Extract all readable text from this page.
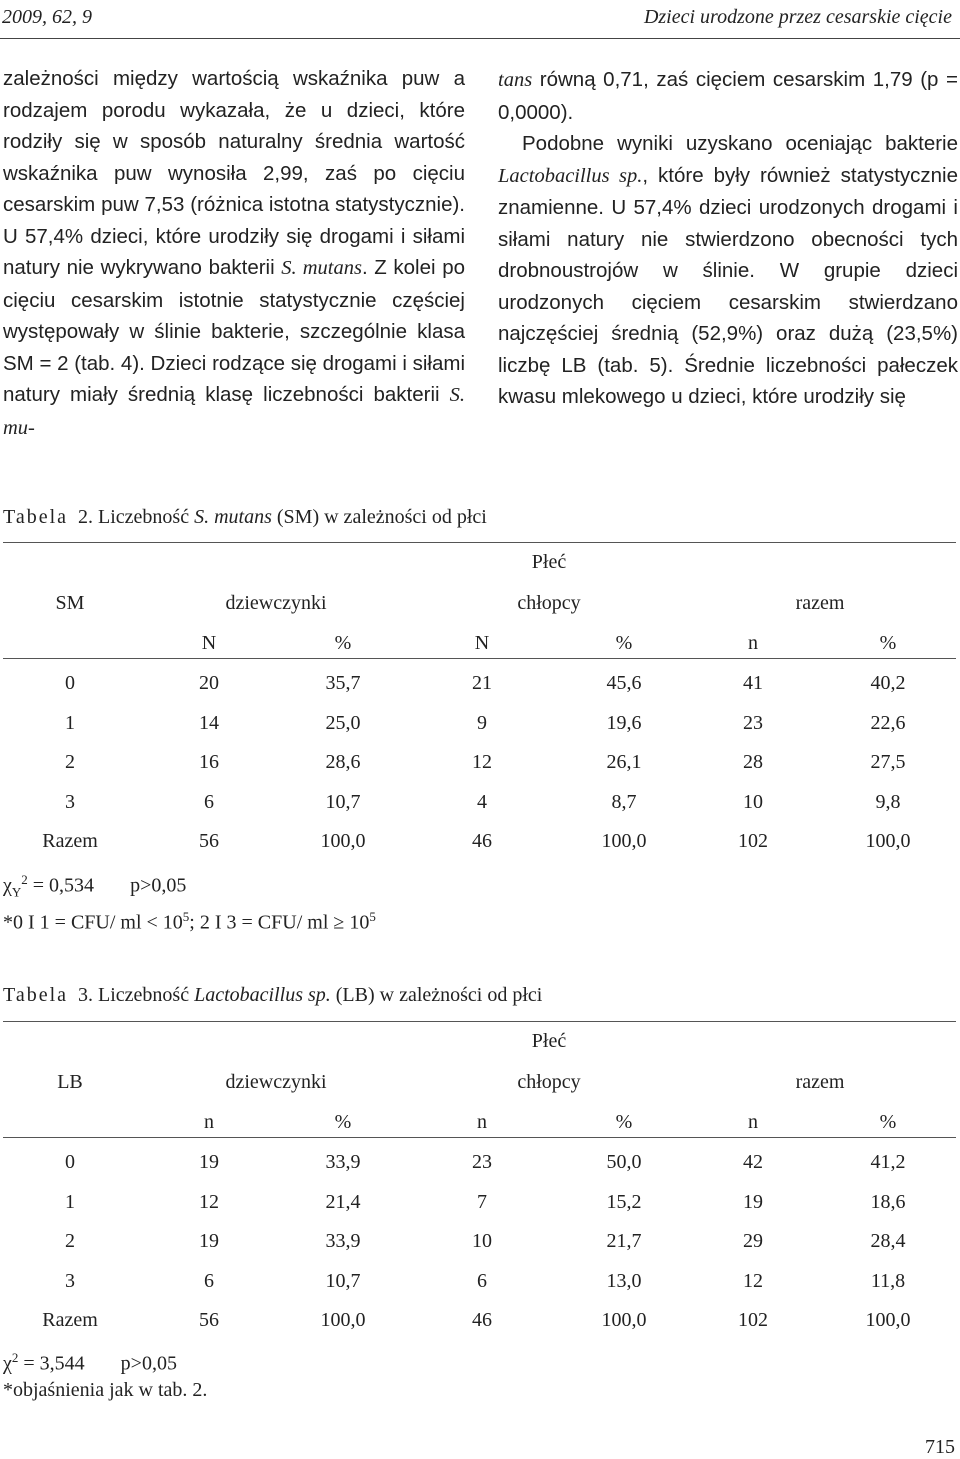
2009, 62, 9	Dzieci urodzone przez cesarskie cięcie

zależności między wartością wskaźnika puw a rodzajem porodu wykazała, że u dzieci, które rodziły się w sposób naturalny średnia wartość wskaźnika puw wynosiła 2,99, zaś po cięciu cesarskim puw 7,53 (różnica istotna statystycznie). U 57,4% dzieci, które urodziły się drogami i siłami natury nie wykrywano bakterii S. mutans. Z kolei po cięciu cesarskim istotnie statystycznie częściej występowały w ślinie bakterie, szczególnie klasa SM = 2 (tab. 4). Dzieci rodzące się drogami i siłami natury miały średnią klasę liczebności bakterii S. mu-

tans równą 0,71, zaś cięciem cesarskim 1,79 (p = 0,0000).

Podobne wyniki uzyskano oceniając bakterie Lactobacillus sp., które były również statystycznie znamienne. U 57,4% dzieci urodzonych drogami i siłami natury nie stwierdzono obecności tych drobnoustrojów w ślinie. W grupie dzieci urodzonych cięciem cesarskim stwierdzano najczęściej średnią (52,9%) oraz dużą (23,5%) liczbę LB (tab. 5). Średnie liczebności pałeczek kwasu mlekowego u dzieci, które urodziły się

Tabela 2. Liczebność S. mutans (SM) w zależności od płci
Płeć
SM	dziewczynki	chłopcy	razem
N	%	N	%	n	%
0	20	35,7	21	45,6	41	40,2
1	14	25,0	9	19,6	23	22,6
2	16	28,6	12	26,1	28	27,5
3	6	10,7	4	8,7	10	9,8
Razem	56	100,0	46	100,0	102	100,0
$\chi_Y^2 = 0,534$ p>0,05
*0 I 1 = CFU/ ml < $10^5$; 2 I 3 = CFU/ ml ≥ $10^5$
Tabela 3. Liczebność Lactobacillus sp. (LB) w zależności od płci
Płeć
LB	dziewczynki	chłopcy	razem
n	%	n	%	n	%
0	19	33,9	23	50,0	42	41,2
1	12	21,4	7	15,2	19	18,6
2	19	33,9	10	21,7	29	28,4
3	6	10,7	6	13,0	12	11,8
Razem	56	100,0	46	100,0	102	100,0
$\chi^2 = 3,544$ p>0,05
*objaśnienia jak w tab. 2.
715
